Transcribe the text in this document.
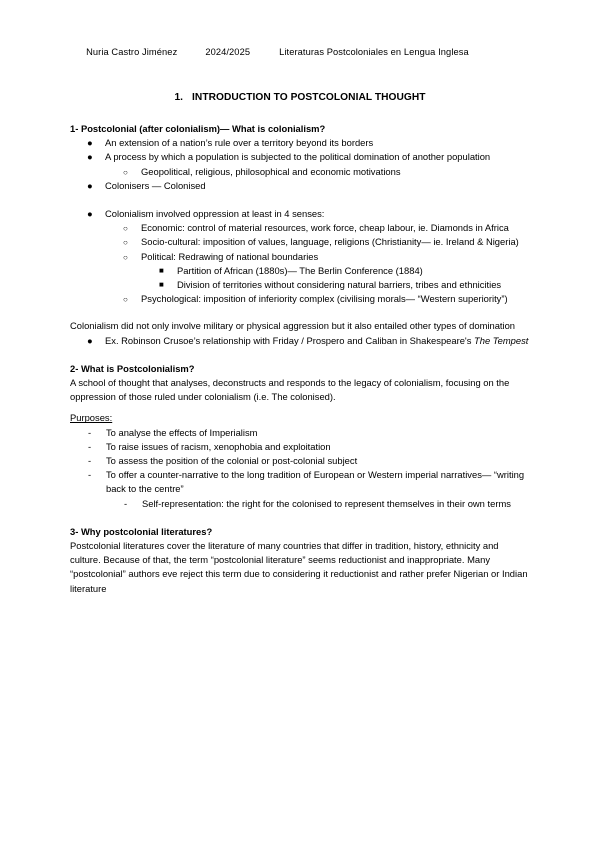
Nuria Castro Jiménez	2024/2025	Literaturas Postcoloniales en Lengua Inglesa

1. INTRODUCTION TO POSTCOLONIAL THOUGHT
1- Postcolonial (after colonialism)— What is colonialism?
● An extension of a nation’s rule over a territory beyond its borders
● A process by which a population is subjected to the political domination of another population
○ Geopolitical, religious, philosophical and economic motivations
● Colonisers — Colonised
● Colonialism involved oppression at least in 4 senses:
○ Economic: control of material resources, work force, cheap labour, ie. Diamonds in Africa
○ Socio-cultural: imposition of values, language, religions (Christianity— ie. Ireland & Nigeria)
○ Political: Redrawing of national boundaries
■ Partition of African (1880s)— The Berlin Conference (1884)
■ Division of territories without considering natural barriers, tribes and ethnicities
○ Psychological: imposition of inferiority complex (civilising morals— “Western superiority”)
Colonialism did not only involve military or physical aggression but it also entailed other types of domination
● Ex. Robinson Crusoe’s relationship with Friday / Prospero and Caliban in Shakespeare's The Tempest
2- What is Postcolonialism?
A school of thought that analyses, deconstructs and responds to the legacy of colonialism, focusing on the oppression of those ruled under colonialism (i.e. The colonised).
Purposes:
- To analyse the effects of Imperialism
- To raise issues of racism, xenophobia and exploitation
- To assess the position of the colonial or post-colonial subject
- To offer a counter-narrative to the long tradition of European or Western imperial narratives— “writing back to the centre”
- Self-representation: the right for the colonised to represent themselves in their own terms
3- Why postcolonial literatures?
Postcolonial literatures cover the literature of many countries that differ in tradition, history, ethnicity and culture. Because of that, the term “postcolonial literature” seems reductionist and inappropriate. Many “postcolonial” authors eve reject this term due to considering it reductionist and rather prefer Nigerian or Indian literature
